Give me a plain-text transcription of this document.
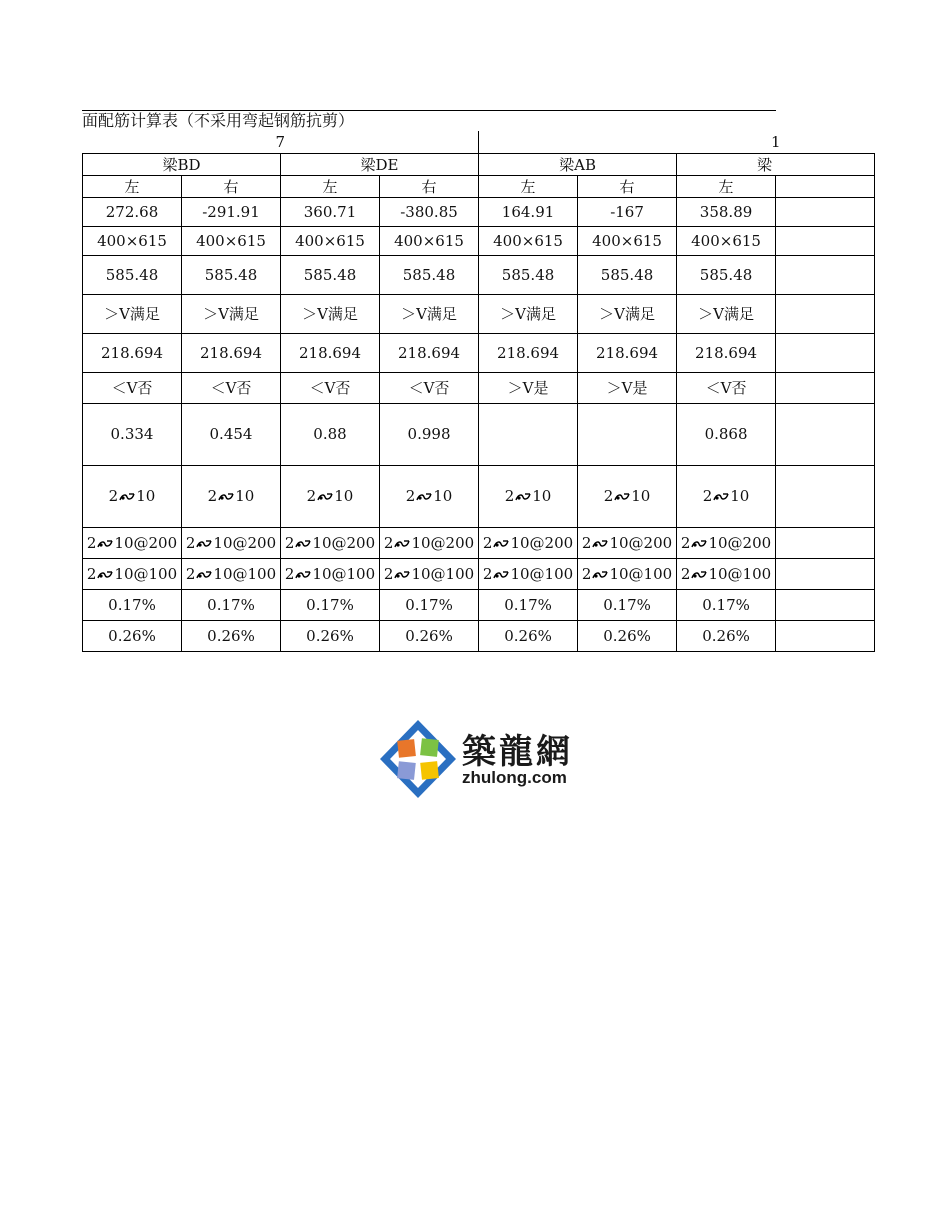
面配筋计算表（不采用弯起钢筋抗剪）
7				1			
梁BD		梁DE		梁AB		梁	
左	右	左	右	左	右	左	
272.68	-291.91	360.71	-380.85	164.91	-167	358.89	
400×615	400×615	400×615	400×615	400×615	400×615	400×615	
585.48	585.48	585.48	585.48	585.48	585.48	585.48	
＞V满足	＞V满足	＞V满足	＞V满足	＞V满足	＞V满足	＞V满足	
218.694	218.694	218.694	218.694	218.694	218.694	218.694	
＜V否	＜V否	＜V否	＜V否	＞V是	＞V是	＜V否	
0.334	0.454	0.88	0.998			0.868	
2 10	2 10	2 10	2 10	2 10	2 10	2 10	
2 10@200	2 10@200	2 10@200	2 10@200	2 10@200	2 10@200	2 10@200	
2 10@100	2 10@100	2 10@100	2 10@100	2 10@100	2 10@100	2 10@100	
0.17%	0.17%	0.17%	0.17%	0.17%	0.17%	0.17%	
0.26%	0.26%	0.26%	0.26%	0.26%	0.26%	0.26%	
築龍網
zhulong.com
